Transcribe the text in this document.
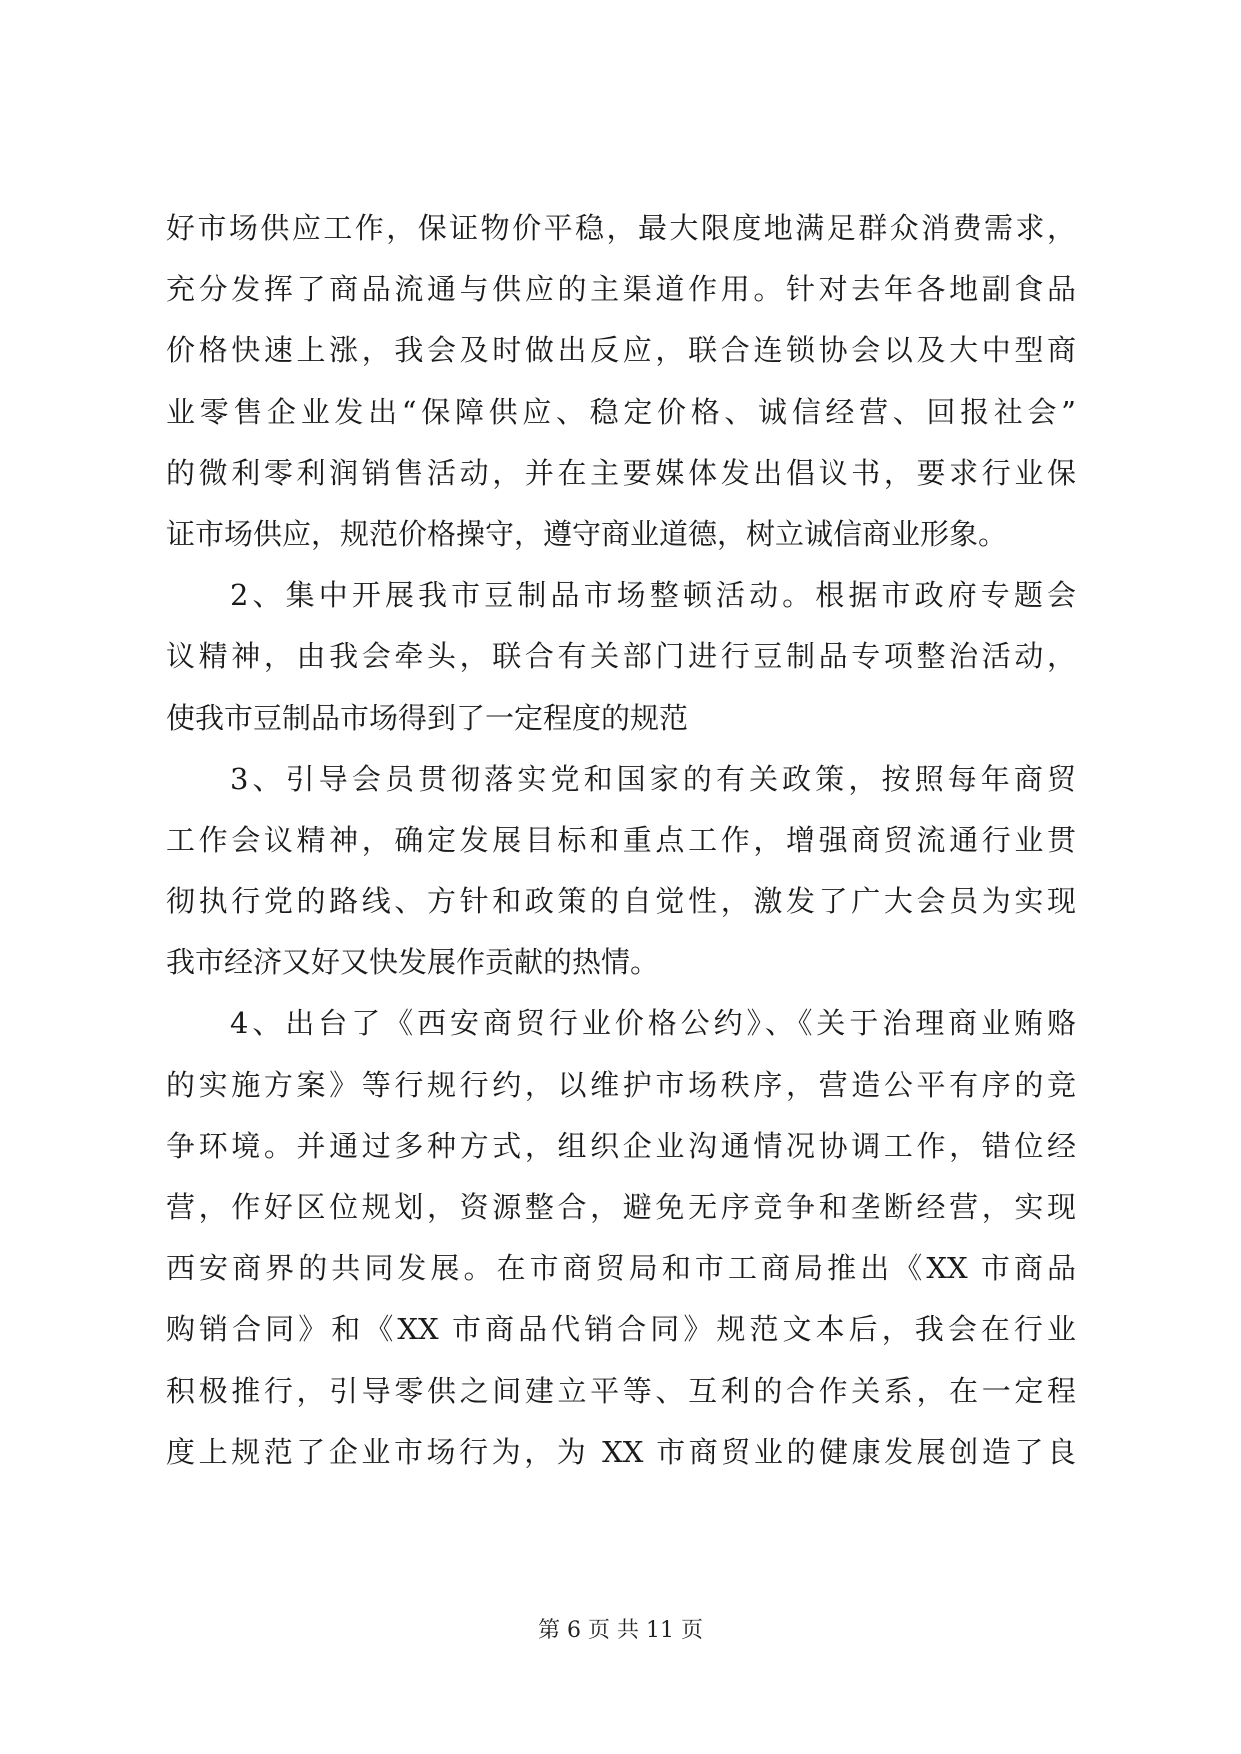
好市场供应工作，保证物价平稳，最大限度地满足群众消费需求，
充分发挥了商品流通与供应的主渠道作用。针对去年各地副食品
价格快速上涨，我会及时做出反应，联合连锁协会以及大中型商
业零售企业发出“保障供应、稳定价格、诚信经营、回报社会”
的微利零利润销售活动，并在主要媒体发出倡议书，要求行业保
证市场供应，规范价格操守，遵守商业道德，树立诚信商业形象。
2、集中开展我市豆制品市场整顿活动。根据市政府专题会
议精神，由我会牵头，联合有关部门进行豆制品专项整治活动，
使我市豆制品市场得到了一定程度的规范
3、引导会员贯彻落实党和国家的有关政策，按照每年商贸
工作会议精神，确定发展目标和重点工作，增强商贸流通行业贯
彻执行党的路线、方针和政策的自觉性，激发了广大会员为实现
我市经济又好又快发展作贡献的热情。
4、出台了《西安商贸行业价格公约》、《关于治理商业贿赂
的实施方案》等行规行约，以维护市场秩序，营造公平有序的竞
争环境。并通过多种方式，组织企业沟通情况协调工作，错位经
营，作好区位规划，资源整合，避免无序竞争和垄断经营，实现
西安商界的共同发展。在市商贸局和市工商局推出《XX 市商品
购销合同》和《XX 市商品代销合同》规范文本后，我会在行业
积极推行，引导零供之间建立平等、互利的合作关系，在一定程
度上规范了企业市场行为，为 XX 市商贸业的健康发展创造了良
第 6 页 共 11 页
